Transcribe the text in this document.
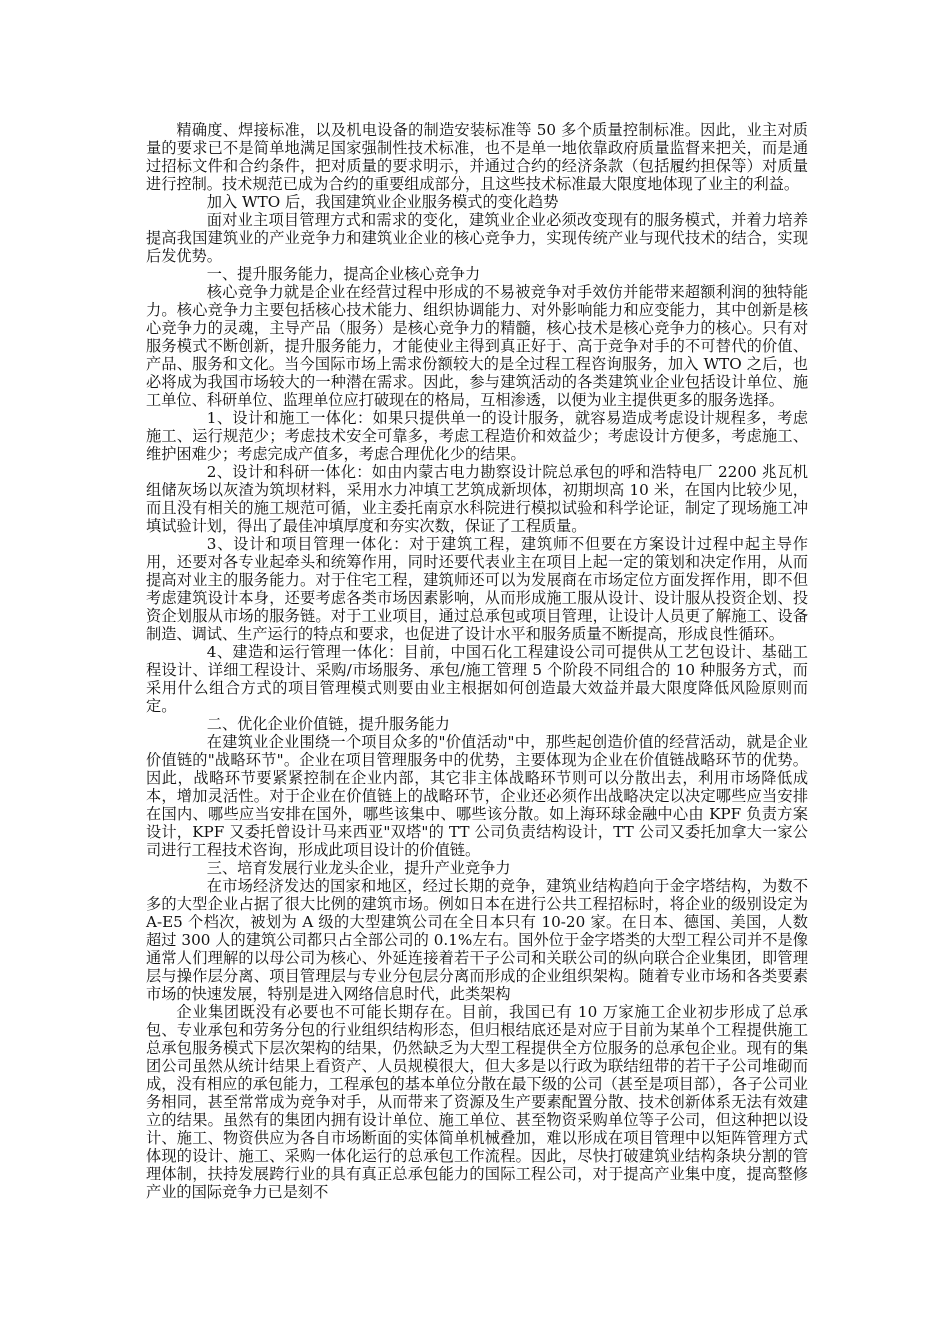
精确度、焊接标准，以及机电设备的制造安装标准等 50 多个质量控制标准。因此，业主对质量的要求已不是简单地满足国家强制性技术标准，也不是单一地依靠政府质量监督来把关，而是通过招标文件和合约条件，把对质量的要求明示，并通过合约的经济条款（包括履约担保等）对质量进行控制。技术规范已成为合约的重要组成部分，且这些技术标准最大限度地体现了业主的利益。

加入 WTO 后，我国建筑业企业服务模式的变化趋势

面对业主项目管理方式和需求的变化，建筑业企业必须改变现有的服务模式，并着力培养提高我国建筑业的产业竞争力和建筑业企业的核心竞争力，实现传统产业与现代技术的结合，实现后发优势。

一、提升服务能力，提高企业核心竞争力

核心竞争力就是企业在经营过程中形成的不易被竞争对手效仿并能带来超额利润的独特能力。核心竞争力主要包括核心技术能力、组织协调能力、对外影响能力和应变能力，其中创新是核心竞争力的灵魂，主导产品（服务）是核心竞争力的精髓，核心技术是核心竞争力的核心。只有对服务模式不断创新，提升服务能力，才能使业主得到真正好于、高于竞争对手的不可替代的价值、产品、服务和文化。当今国际市场上需求份额较大的是全过程工程咨询服务，加入 WTO 之后，也必将成为我国市场较大的一种潜在需求。因此，参与建筑活动的各类建筑业企业包括设计单位、施工单位、科研单位、监理单位应打破现在的格局，互相渗透，以便为业主提供更多的服务选择。

1、设计和施工一体化：如果只提供单一的设计服务，就容易造成考虑设计规程多，考虑施工、运行规范少；考虑技术安全可靠多，考虑工程造价和效益少；考虑设计方便多，考虑施工、维护困难少；考虑完成产值多，考虑合理优化少的结果。

2、设计和科研一体化：如由内蒙古电力勘察设计院总承包的呼和浩特电厂 2200 兆瓦机组储灰场以灰渣为筑坝材料，采用水力冲填工艺筑成新坝体，初期坝高 10 米，在国内比较少见，而且没有相关的施工规范可循，业主委托南京水科院进行模拟试验和科学论证，制定了现场施工冲填试验计划，得出了最佳冲填厚度和夯实次数，保证了工程质量。

3、设计和项目管理一体化：对于建筑工程，建筑师不但要在方案设计过程中起主导作用，还要对各专业起牵头和统筹作用，同时还要代表业主在项目上起一定的策划和决定作用，从而提高对业主的服务能力。对于住宅工程，建筑师还可以为发展商在市场定位方面发挥作用，即不但考虑建筑设计本身，还要考虑各类市场因素影响，从而形成施工服从设计、设计服从投资企划、投资企划服从市场的服务链。对于工业项目，通过总承包或项目管理，让设计人员更了解施工、设备制造、调试、生产运行的特点和要求，也促进了设计水平和服务质量不断提高，形成良性循环。

4、建造和运行管理一体化：目前，中国石化工程建设公司可提供从工艺包设计、基础工程设计、详细工程设计、采购/市场服务、承包/施工管理 5 个阶段不同组合的 10 种服务方式，而采用什么组合方式的项目管理模式则要由业主根据如何创造最大效益并最大限度降低风险原则而定。

二、优化企业价值链，提升服务能力

在建筑业企业围绕一个项目众多的"价值活动"中，那些起创造价值的经营活动，就是企业价值链的"战略环节"。企业在项目管理服务中的优势，主要体现为企业在价值链战略环节的优势。因此，战略环节要紧紧控制在企业内部，其它非主体战略环节则可以分散出去，利用市场降低成本，增加灵活性。对于企业在价值链上的战略环节，企业还必须作出战略决定以决定哪些应当安排在国内、哪些应当安排在国外，哪些该集中、哪些该分散。如上海环球金融中心由 KPF 负责方案设计，KPF 又委托曾设计马来西亚"双塔"的 TT 公司负责结构设计，TT 公司又委托加拿大一家公司进行工程技术咨询，形成此项目设计的价值链。

三、培育发展行业龙头企业，提升产业竞争力

在市场经济发达的国家和地区，经过长期的竞争，建筑业结构趋向于金字塔结构，为数不多的大型企业占据了很大比例的建筑市场。例如日本在进行公共工程招标时，将企业的级别设定为 A-E5 个档次，被划为 A 级的大型建筑公司在全日本只有 10-20 家。在日本、德国、美国，人数超过 300 人的建筑公司都只占全部公司的 0.1%左右。国外位于金字塔类的大型工程公司并不是像通常人们理解的以母公司为核心、外延连接着若干子公司和关联公司的纵向联合企业集团，即管理层与操作层分离、项目管理层与专业分包层分离而形成的企业组织架构。随着专业市场和各类要素市场的快速发展，特别是进入网络信息时代，此类架构

企业集团既没有必要也不可能长期存在。目前，我国已有 10 万家施工企业初步形成了总承包、专业承包和劳务分包的行业组织结构形态，但归根结底还是对应于目前为某单个工程提供施工总承包服务模式下层次架构的结果，仍然缺乏为大型工程提供全方位服务的总承包企业。现有的集团公司虽然从统计结果上看资产、人员规模很大，但大多是以行政为联结纽带的若干子公司堆砌而成，没有相应的承包能力，工程承包的基本单位分散在最下级的公司（甚至是项目部），各子公司业务相同，甚至常常成为竞争对手，从而带来了资源及生产要素配置分散、技术创新体系无法有效建立的结果。虽然有的集团内拥有设计单位、施工单位、甚至物资采购单位等子公司，但这种把以设计、施工、物资供应为各自市场断面的实体简单机械叠加，难以形成在项目管理中以矩阵管理方式体现的设计、施工、采购一体化运行的总承包工作流程。因此，尽快打破建筑业结构条块分割的管理体制，扶持发展跨行业的具有真正总承包能力的国际工程公司，对于提高产业集中度，提高整修产业的国际竞争力已是刻不
